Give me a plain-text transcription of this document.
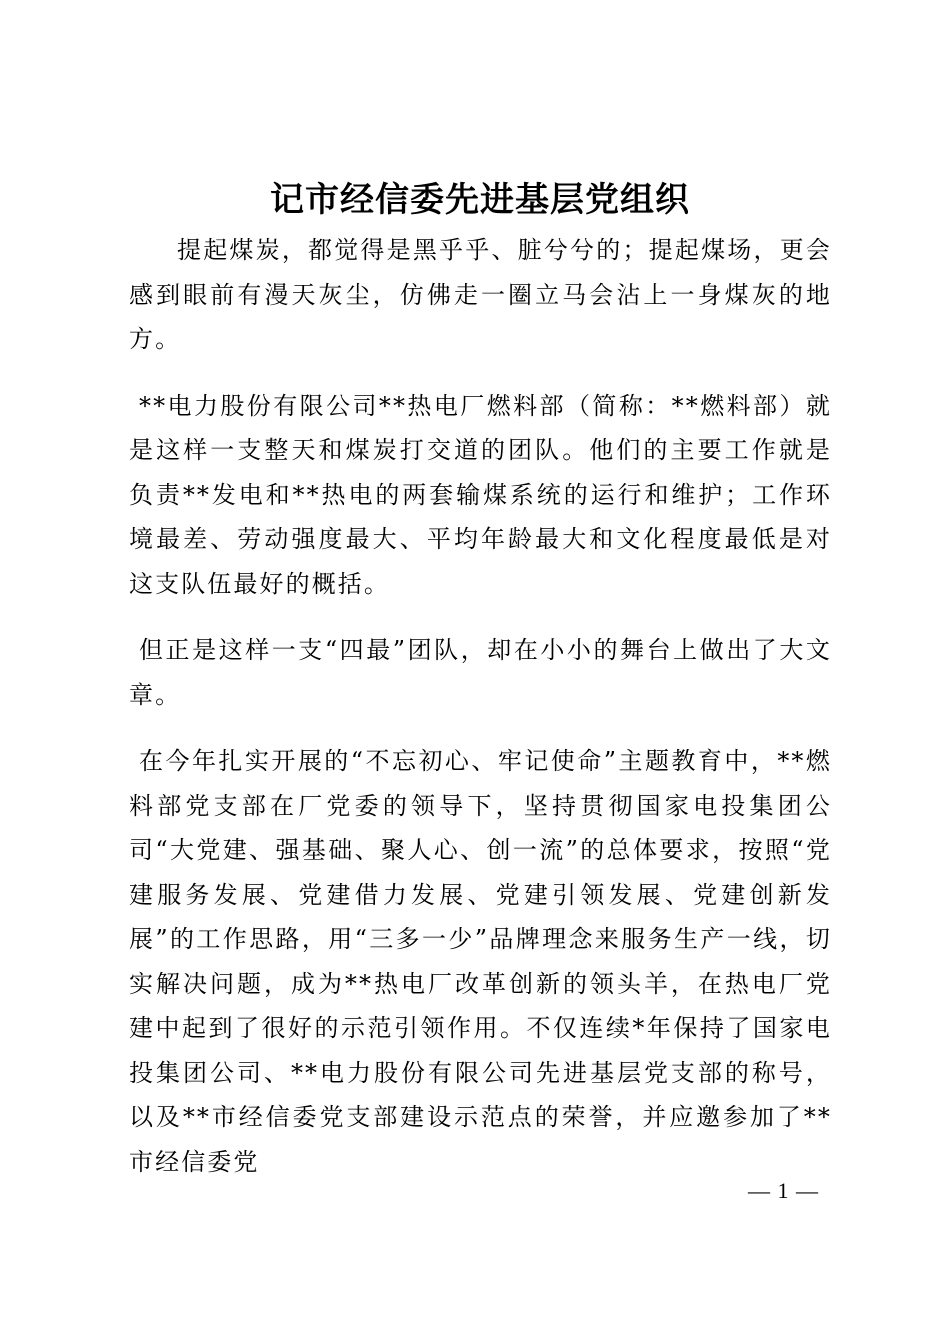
记市经信委先进基层党组织

提起煤炭，都觉得是黑乎乎、脏兮兮的；提起煤场，更会感到眼前有漫天灰尘，仿佛走一圈立马会沾上一身煤灰的地方。

**电力股份有限公司**热电厂燃料部（简称：**燃料部）就是这样一支整天和煤炭打交道的团队。他们的主要工作就是负责**发电和**热电的两套输煤系统的运行和维护；工作环境最差、劳动强度最大、平均年龄最大和文化程度最低是对这支队伍最好的概括。

但正是这样一支“四最”团队，却在小小的舞台上做出了大文章。

在今年扎实开展的“不忘初心、牢记使命”主题教育中，**燃料部党支部在厂党委的领导下，坚持贯彻国家电投集团公司“大党建、强基础、聚人心、创一流”的总体要求，按照“党建服务发展、党建借力发展、党建引领发展、党建创新发展”的工作思路，用“三多一少”品牌理念来服务生产一线，切实解决问题，成为**热电厂改革创新的领头羊，在热电厂党建中起到了很好的示范引领作用。不仅连续*年保持了国家电投集团公司、**电力股份有限公司先进基层党支部的称号，以及**市经信委党支部建设示范点的荣誉，并应邀参加了**市经信委党

— 1 —
